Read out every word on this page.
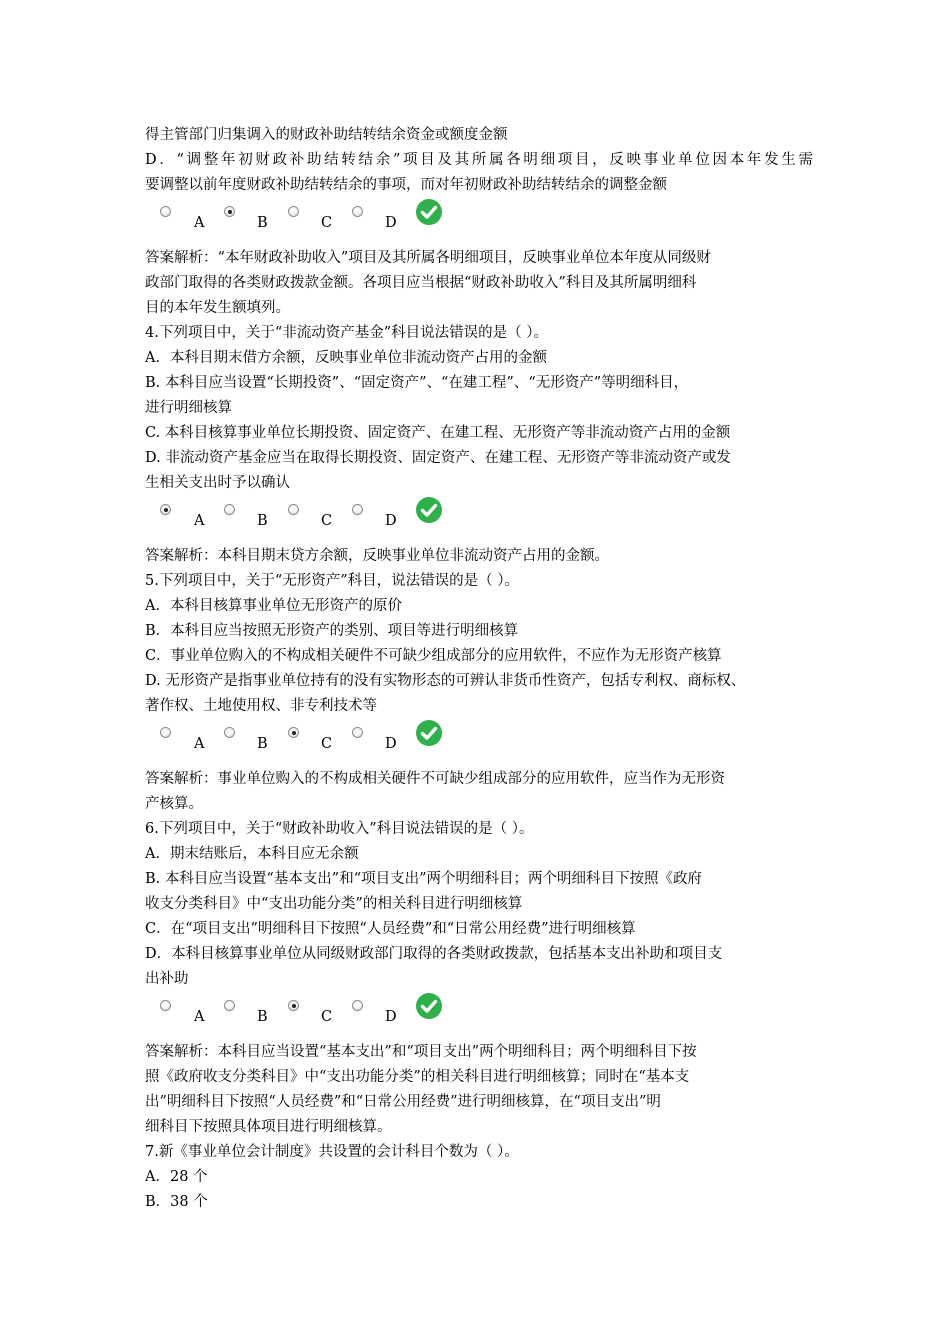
得主管部门归集调入的财政补助结转结余资金或额度金额
D．“调整年初财政补助结转结余”项目及其所属各明细项目，反映事业单位因本年发生需
要调整以前年度财政补助结转结余的事项，而对年初财政补助结转结余的调整金额
A	B	C	D
答案解析：“本年财政补助收入”项目及其所属各明细项目，反映事业单位本年度从同级财
政部门取得的各类财政拨款金额。各项目应当根据“财政补助收入”科目及其所属明细科
目的本年发生额填列。
4.下列项目中，关于“非流动资产基金”科目说法错误的是（ ）。
A．本科目期末借方余额，反映事业单位非流动资产占用的金额
B. 本科目应当设置“长期投资”、“固定资产”、“在建工程”、“无形资产”等明细科目，
进行明细核算
C. 本科目核算事业单位长期投资、固定资产、在建工程、无形资产等非流动资产占用的金额
D. 非流动资产基金应当在取得长期投资、固定资产、在建工程、无形资产等非流动资产或发
生相关支出时予以确认
A	B	C	D
答案解析：本科目期末贷方余额，反映事业单位非流动资产占用的金额。
5.下列项目中，关于“无形资产”科目，说法错误的是（ ）。
A．本科目核算事业单位无形资产的原价
B．本科目应当按照无形资产的类别、项目等进行明细核算
C．事业单位购入的不构成相关硬件不可缺少组成部分的应用软件，不应作为无形资产核算
D. 无形资产是指事业单位持有的没有实物形态的可辨认非货币性资产，包括专利权、商标权、
著作权、土地使用权、非专利技术等
A	B	C	D
答案解析：事业单位购入的不构成相关硬件不可缺少组成部分的应用软件，应当作为无形资
产核算。
6.下列项目中，关于“财政补助收入”科目说法错误的是（ ）。
A．期末结账后，本科目应无余额
B. 本科目应当设置“基本支出”和“项目支出”两个明细科目；两个明细科目下按照《政府
收支分类科目》中“支出功能分类”的相关科目进行明细核算
C．在“项目支出”明细科目下按照“人员经费”和“日常公用经费”进行明细核算
D．本科目核算事业单位从同级财政部门取得的各类财政拨款，包括基本支出补助和项目支
出补助
A	B	C	D
答案解析：本科目应当设置“基本支出”和“项目支出”两个明细科目；两个明细科目下按
照《政府收支分类科目》中“支出功能分类”的相关科目进行明细核算；同时在“基本支
出”明细科目下按照“人员经费”和“日常公用经费”进行明细核算，在“项目支出”明
细科目下按照具体项目进行明细核算。
7.新《事业单位会计制度》共设置的会计科目个数为（ ）。
A．28 个
B．38 个
